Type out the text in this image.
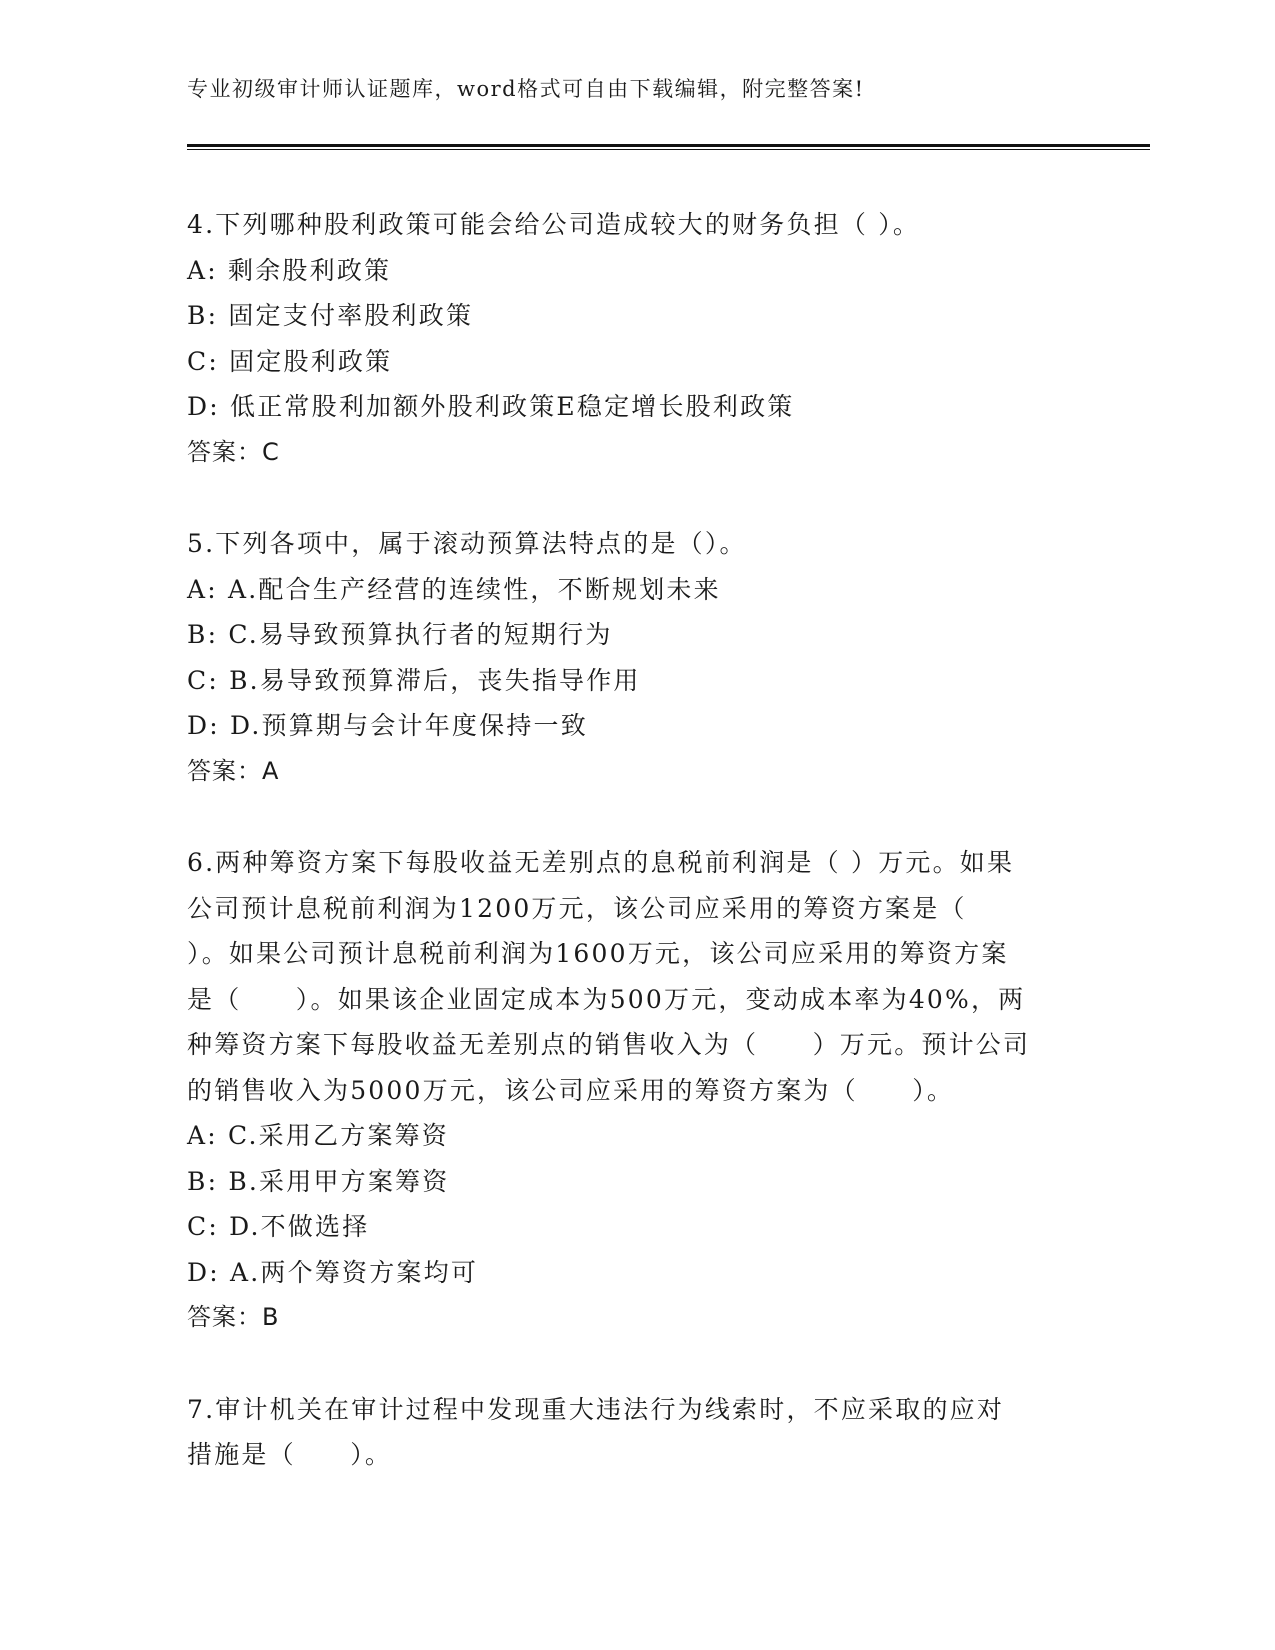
专业初级审计师认证题库，word格式可自由下载编辑，附完整答案!

4.下列哪种股利政策可能会给公司造成较大的财务负担（ ）。

A: 剩余股利政策

B: 固定支付率股利政策

C: 固定股利政策

D: 低正常股利加额外股利政策E稳定增长股利政策

答案：C

5.下列各项中，属于滚动预算法特点的是（）。

A: A.配合生产经营的连续性，不断规划未来

B: C.易导致预算执行者的短期行为

C: B.易导致预算滞后，丧失指导作用

D: D.预算期与会计年度保持一致

答案：A

6.两种筹资方案下每股收益无差别点的息税前利润是（ ）万元。如果

公司预计息税前利润为1200万元，该公司应采用的筹资方案是（

）。如果公司预计息税前利润为1600万元，该公司应采用的筹资方案

是（　　）。如果该企业固定成本为500万元，变动成本率为40%，两

种筹资方案下每股收益无差别点的销售收入为（　　）万元。预计公司

的销售收入为5000万元，该公司应采用的筹资方案为（　　）。

A: C.采用乙方案筹资

B: B.采用甲方案筹资

C: D.不做选择

D: A.两个筹资方案均可

答案：B

7.审计机关在审计过程中发现重大违法行为线索时，不应采取的应对

措施是（　　）。
